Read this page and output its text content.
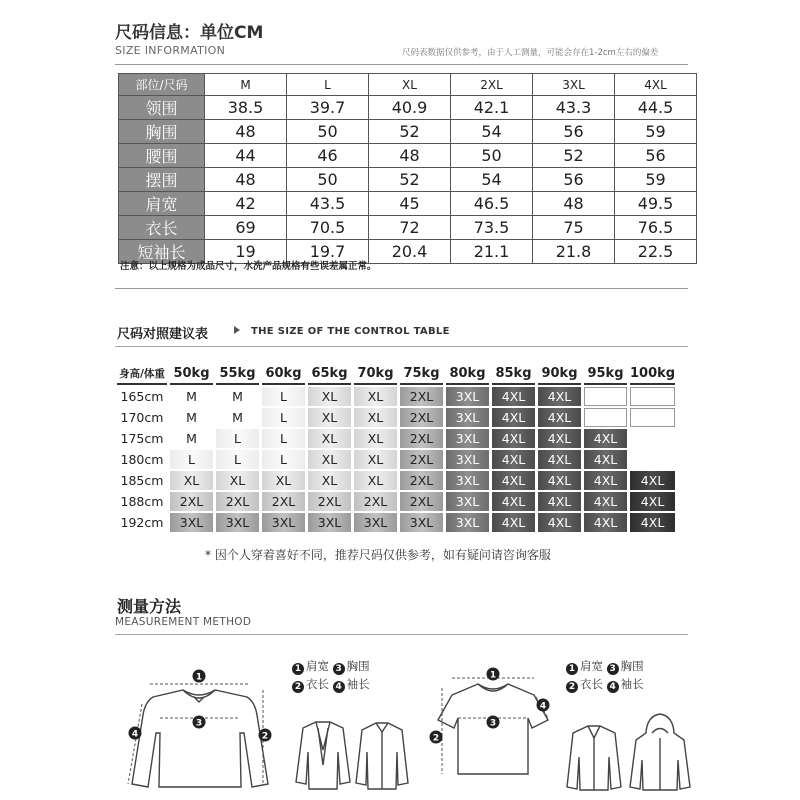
尺码信息：单位CM
SIZE INFORMATION	尺码表数据仅供参考，由于人工测量，可能会存在1-2cm左右的偏差
部位/尺码	M	L	XL	2XL	3XL	4XL
领围	38.5	39.7	40.9	42.1	43.3	44.5
胸围	48	50	52	54	56	59
腰围	44	46	48	50	52	56
摆围	48	50	52	54	56	59
肩宽	42	43.5	45	46.5	48	49.5
衣长	69	70.5	72	73.5	75	76.5
短袖长	19	19.7	20.4	21.1	21.8	22.5
注意：以上规格为成品尺寸，水洗产品规格有些误差属正常。
尺码对照建议表	THE SIZE OF THE CONTROL TABLE
身高/体重	50kg	55kg	60kg	65kg	70kg	75kg	80kg	85kg	90kg	95kg	100kg
165cm	M	M	L	XL	XL	2XL	3XL	4XL	4XL		
170cm	M	M	L	XL	XL	2XL	3XL	4XL	4XL		
175cm	M	L	L	XL	XL	2XL	3XL	4XL	4XL	4XL	
180cm	L	L	L	XL	XL	2XL	3XL	4XL	4XL	4XL	
185cm	XL	XL	XL	XL	XL	2XL	3XL	4XL	4XL	4XL	4XL
188cm	2XL	2XL	2XL	2XL	2XL	2XL	3XL	4XL	4XL	4XL	4XL
192cm	3XL	3XL	3XL	3XL	3XL	3XL	3XL	4XL	4XL	4XL	4XL
* 因个人穿着喜好不同，推荐尺码仅供参考，如有疑问请咨询客服
测量方法
MEASUREMENT METHOD
1 肩宽 3 胸围
2 衣长 4 袖长
1 肩宽 3 胸围
2 衣长 4 袖长
1
2
3
4
1
2
3
4
